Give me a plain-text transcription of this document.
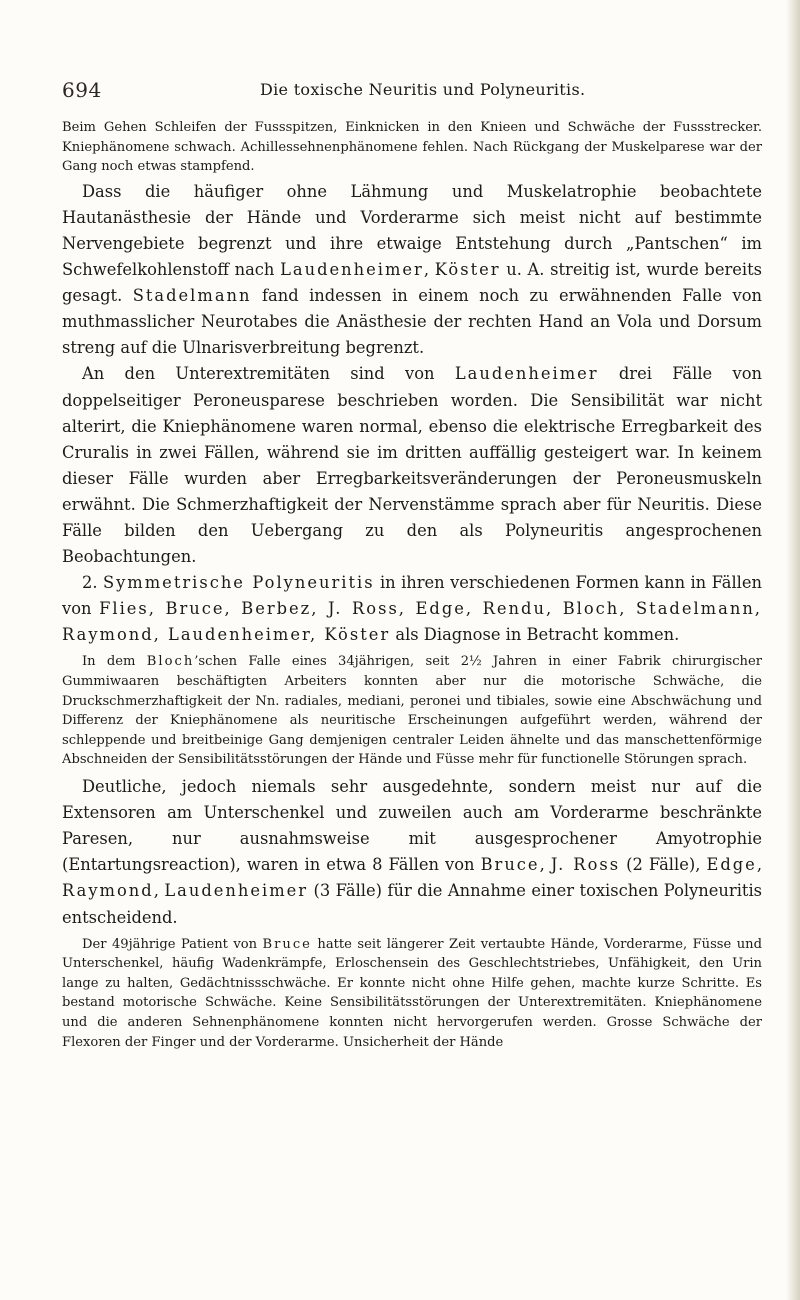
694	Die toxische Neuritis und Polyneuritis.

Beim Gehen Schleifen der Fussspitzen, Einknicken in den Knieen und Schwäche der Fussstrecker. Kniephänomene schwach. Achillessehnenphänomene fehlen. Nach Rückgang der Muskelparese war der Gang noch etwas stampfend.

Dass die häufiger ohne Lähmung und Muskelatrophie beobachtete Hautanästhesie der Hände und Vorderarme sich meist nicht auf bestimmte Nervengebiete begrenzt und ihre etwaige Entstehung durch „Pantschen“ im Schwefelkohlenstoff nach Laudenheimer, Köster u. A. streitig ist, wurde bereits gesagt. Stadelmann fand indessen in einem noch zu erwähnenden Falle von muthmasslicher Neurotabes die Anästhesie der rechten Hand an Vola und Dorsum streng auf die Ulnarisverbreitung begrenzt.

An den Unterextremitäten sind von Laudenheimer drei Fälle von doppelseitiger Peroneusparese beschrieben worden. Die Sensibilität war nicht alterirt, die Kniephänomene waren normal, ebenso die elektrische Erregbarkeit des Cruralis in zwei Fällen, während sie im dritten auffällig gesteigert war. In keinem dieser Fälle wurden aber Erregbarkeitsveränderungen der Peroneusmuskeln erwähnt. Die Schmerzhaftigkeit der Nervenstämme sprach aber für Neuritis. Diese Fälle bilden den Uebergang zu den als Polyneuritis angesprochenen Beobachtungen.

2. Symmetrische Polyneuritis in ihren verschiedenen Formen kann in Fällen von Flies, Bruce, Berbez, J. Ross, Edge, Rendu, Bloch, Stadelmann, Raymond, Laudenheimer, Köster als Diagnose in Betracht kommen.

In dem Bloch’schen Falle eines 34jährigen, seit 2½ Jahren in einer Fabrik chirurgischer Gummiwaaren beschäftigten Arbeiters konnten aber nur die motorische Schwäche, die Druckschmerzhaftigkeit der Nn. radiales, mediani, peronei und tibiales, sowie eine Abschwächung und Differenz der Kniephänomene als neuritische Erscheinungen aufgeführt werden, während der schleppende und breitbeinige Gang demjenigen centraler Leiden ähnelte und das manschettenförmige Abschneiden der Sensibilitätsstörungen der Hände und Füsse mehr für functionelle Störungen sprach.

Deutliche, jedoch niemals sehr ausgedehnte, sondern meist nur auf die Extensoren am Unterschenkel und zuweilen auch am Vorderarme beschränkte Paresen, nur ausnahmsweise mit ausgesprochener Amyotrophie (Entartungsreaction), waren in etwa 8 Fällen von Bruce, J. Ross (2 Fälle), Edge, Raymond, Laudenheimer (3 Fälle) für die Annahme einer toxischen Polyneuritis entscheidend.

Der 49jährige Patient von Bruce hatte seit längerer Zeit vertaubte Hände, Vorderarme, Füsse und Unterschenkel, häufig Wadenkrämpfe, Erloschensein des Geschlechtstriebes, Unfähigkeit, den Urin lange zu halten, Gedächtnissschwäche. Er konnte nicht ohne Hilfe gehen, machte kurze Schritte. Es bestand motorische Schwäche. Keine Sensibilitätsstörungen der Unterextremitäten. Kniephänomene und die anderen Sehnenphänomene konnten nicht hervorgerufen werden. Grosse Schwäche der Flexoren der Finger und der Vorderarme. Unsicherheit der Hände
